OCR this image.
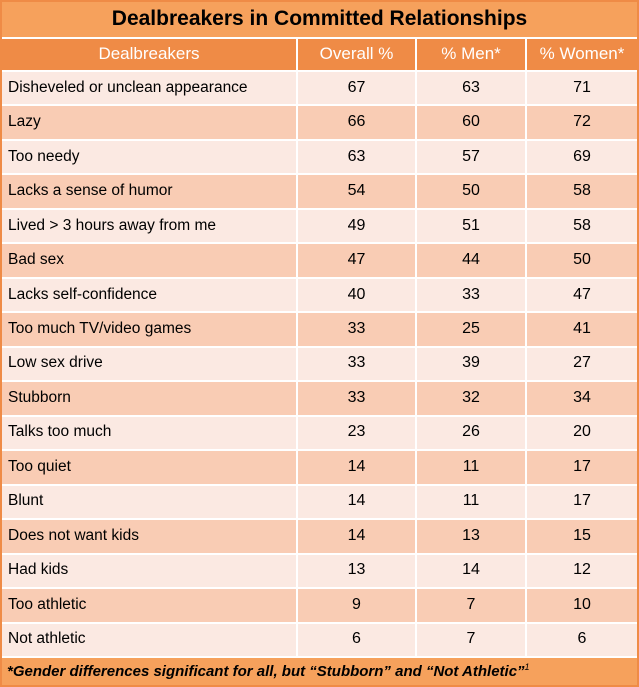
Dealbreakers in Committed Relationships			
Dealbreakers	Overall %	% Men*	% Women*
Disheveled or unclean appearance	67	63	71
Lazy	66	60	72
Too needy	63	57	69
Lacks a sense of humor	54	50	58
Lived > 3 hours away from me	49	51	58
Bad sex	47	44	50
Lacks self-confidence	40	33	47
Too much TV/video games	33	25	41
Low sex drive	33	39	27
Stubborn	33	32	34
Talks too much	23	26	20
Too quiet	14	11	17
Blunt	14	11	17
Does not want kids	14	13	15
Had kids	13	14	12
Too athletic	9	7	10
Not athletic	6	7	6
*Gender differences significant for all, but “Stubborn” and “Not Athletic”$^1$
